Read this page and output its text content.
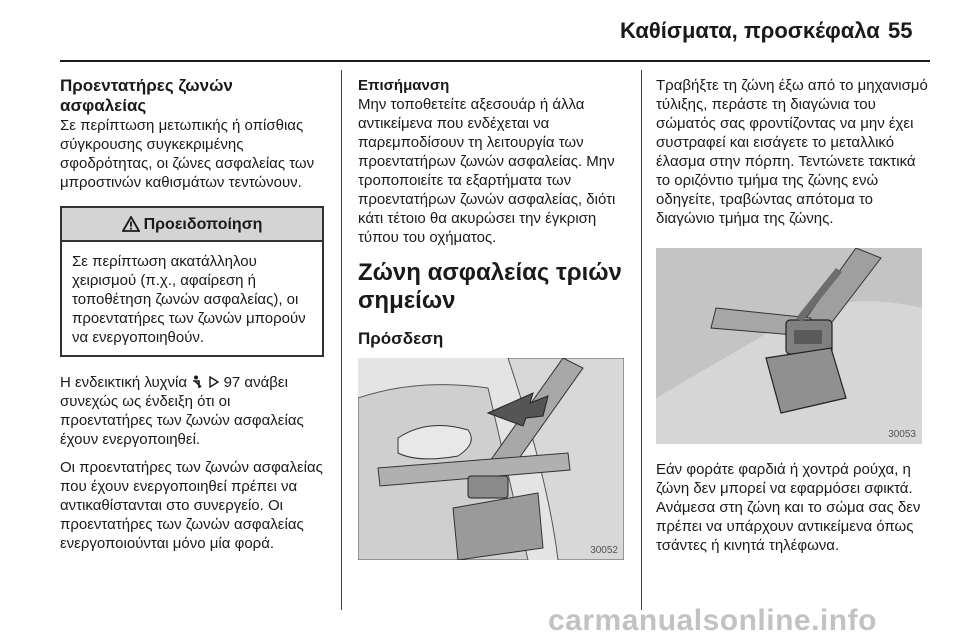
Καθίσματα, προσκέφαλα 55
Προεντατήρες ζωνών
ασφαλείας

Σε περίπτωση μετωπικής ή οπίσθιας σύγκρουσης συγκεκριμένης σφοδρότητας, οι ζώνες ασφαλείας των μπροστινών καθισμάτων τεντώνουν.

Προειδοποίηση
Σε περίπτωση ακατάλληλου χειρισμού (π.χ., αφαίρεση ή τοποθέτηση ζωνών ασφαλείας), οι προεντατήρες των ζωνών μπορούν να ενεργοποιηθούν.

Η ενδεικτική λυχνία 97 ανάβει συνεχώς ως ένδειξη ότι οι προεντατήρες των ζωνών ασφαλείας έχουν ενεργοποιηθεί.

Οι προεντατήρες των ζωνών ασφαλείας που έχουν ενεργοποιηθεί πρέπει να αντικαθίστανται στο συνεργείο. Οι προεντατήρες των ζωνών ασφαλείας ενεργοποιούνται μόνο μία φορά.

Επισήμανση

Μην τοποθετείτε αξεσουάρ ή άλλα αντικείμενα που ενδέχεται να παρεμποδίσουν τη λειτουργία των προεντατήρων ζωνών ασφαλείας. Μην τροποποιείτε τα εξαρτήματα των προεντατήρων ζωνών ασφαλείας, διότι κάτι τέτοιο θα ακυρώσει την έγκριση τύπου του οχήματος.

Ζώνη ασφαλείας τριών σημείων
Πρόσδεση
30052

Τραβήξτε τη ζώνη έξω από το μηχανισμό τύλιξης, περάστε τη διαγώνια του σώματός σας φροντίζοντας να μην έχει συστραφεί και εισάγετε το μεταλλικό έλασμα στην πόρπη. Τεντώνετε τακτικά το οριζόντιο τμήμα της ζώνης ενώ οδηγείτε, τραβώντας απότομα το διαγώνιο τμήμα της ζώνης.

30053

Εάν φοράτε φαρδιά ή χοντρά ρούχα, η ζώνη δεν μπορεί να εφαρμόσει σφικτά. Ανάμεσα στη ζώνη και το σώμα σας δεν πρέπει να υπάρχουν αντικείμενα όπως τσάντες ή κινητά τηλέφωνα.

carmanualsonline.info
